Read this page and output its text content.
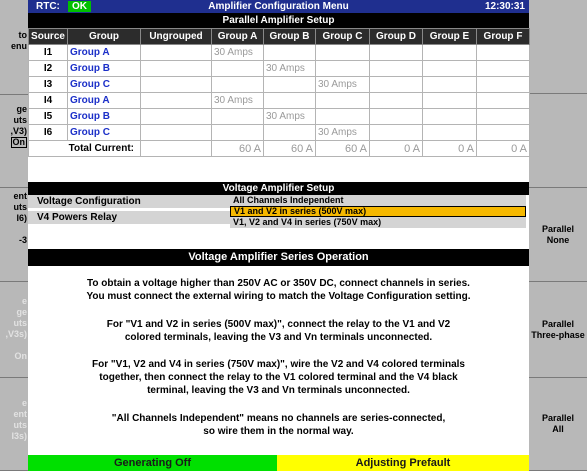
to
enu
ge
uts
,V3)
On
ent
uts
I6)

-3
e
ge
uts
,V3s)

On
e
ent
uts
I3s)
Parallel
None
Parallel
Three-phase
Parallel
All
RTC:	Amplifier Configuration Menu
OK	12:30:31
Parallel Amplifier Setup
Source	Group	Ungrouped	Group A	Group B	Group C	Group D	Group E	Group F
I1	Group A		30 Amps					
I2	Group B			30 Amps				
I3	Group C				30 Amps			
I4	Group A		30 Amps					
I5	Group B			30 Amps				
I6	Group C				30 Amps			
Total Current:			60 A	60 A	60 A	0 A	0 A	0 A
Voltage Amplifier Setup
Voltage Configuration
V4 Powers Relay
All Channels Independent
V1 and V2 in series (500V max)
V1, V2 and V4 in series (750V max)
Voltage Amplifier Series Operation
To obtain a voltage higher than 250V AC or 350V DC, connect channels in series.
You must connect the external wiring to match the Voltage Configuration setting.
For "V1 and V2 in series (500V max)", connect the relay to the V1 and V2
colored terminals, leaving the V3 and Vn terminals unconnected.
For "V1, V2 and V4 in series (750V max)", wire the V2 and V4 colored terminals
together, then connect the relay to the V1 colored terminal and the V4 black
terminal, leaving the V3 and Vn terminals unconnected.
"All Channels Independent" means no channels are series-connected,
so wire them in the normal way.
Generating Off	Adjusting Prefault
